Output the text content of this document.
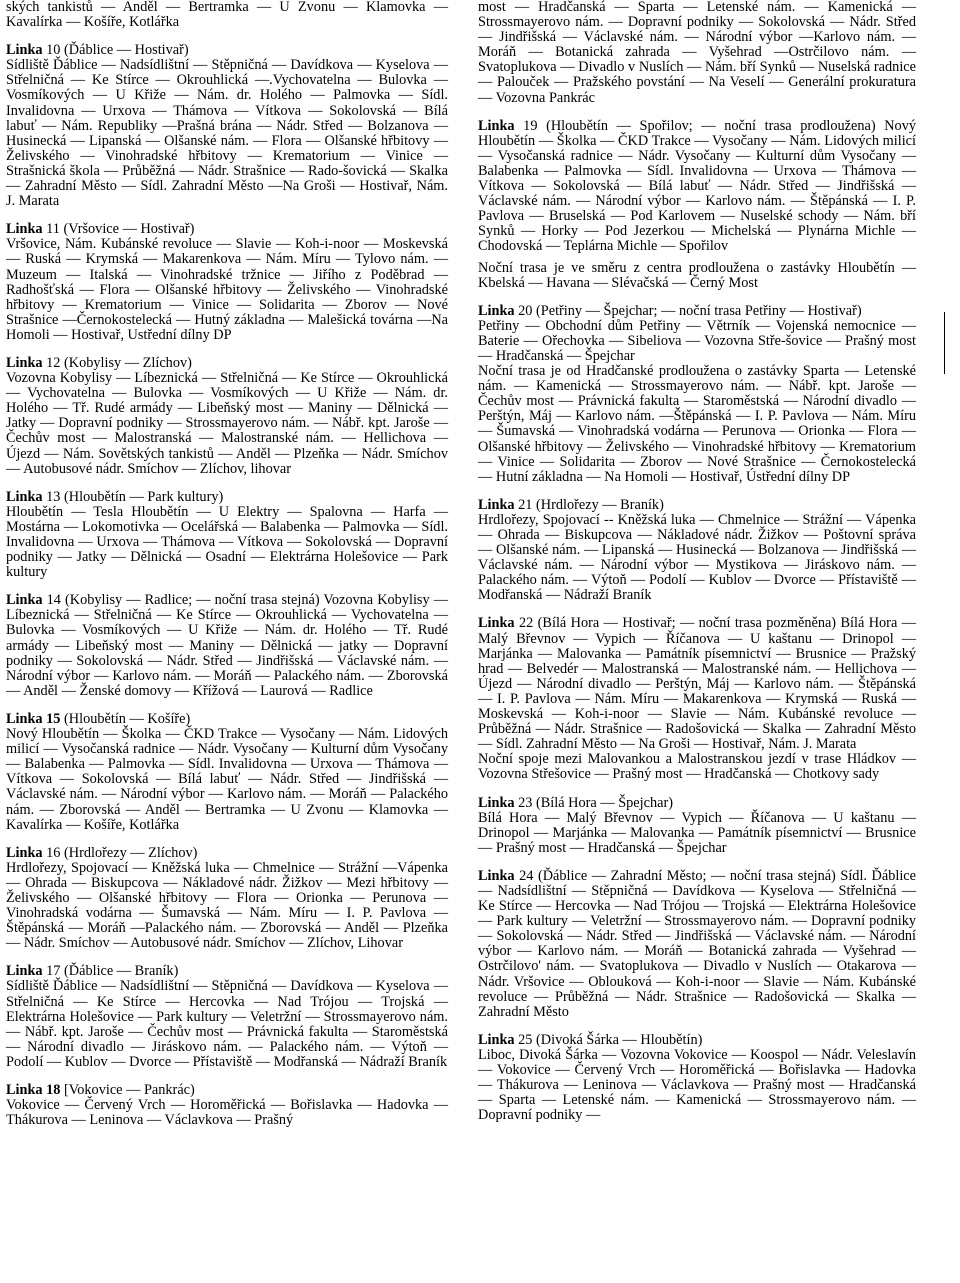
ských tankistů — Anděl — Bertramka — U Zvonu — Klamovka — Kavalírka — Košíře, Kotlářka

Linka 10 (Ďáblice — Hostivař)

Sídliště Ďáblice — Nadsídlištní — Stěpničná — Davídkova — Kyselova — Střelničná — Ke Stírce — Okrouhlická —.Vychovatelna — Bulovka — Vosmíkových — U Křiže — Nám. dr. Holého — Palmovka — Sídl. Invalidovna — Urxova — Thámova — Vítkova — Sokolovská — Bílá labuť — Nám. Republiky —Prašná brána — Nádr. Střed — Bolzanova — Husinecká — Lipanská — Olšanské nám. — Flora — Olšanské hřbitovy — Želivského — Vinohradské hřbitovy — Krematorium — Vinice —Strašnická škola — Průběžná — Nádr. Strašnice — Rado-šovická — Skalka — Zahradní Město — Sídl. Zahradní Město —Na Groši — Hostivař, Nám. J. Marata

Linka 11 (Vršovice — Hostivař)

Vršovice, Nám. Kubánské revoluce — Slavie — Koh-i-noor — Moskevská — Ruská — Krymská — Makarenkova — Nám. Míru — Tylovo nám. — Muzeum — Italská — Vinohradské tržnice — Jiřího z Poděbrad — Radhošťská — Flora — Olšanské hřbitovy — Želivského — Vinohradské hřbitovy — Krematorium — Vinice — Solidarita — Zborov — Nové Strašnice —Černokostelecká — Hutný základna — Malešická továrna —Na Homoli — Hostivař, Ustřední dílny DP

Linka 12 (Kobylisy — Zlíchov)

Vozovna Kobylisy — Líbeznická — Střelničná — Ke Stírce — Okrouhlická — Vychovatelna — Bulovka — Vosmíkových — U Křiže — Nám. dr. Holého — Tř. Rudé armády — Libeňský most — Maniny — Dělnická — Jatky — Dopravní podniky — Strossmayerovo nám. — Nábř. kpt. Jaroše — Čechův most — Malostranská — Malostranské nám. — Hellichova — Újezd — Nám. Sovětských tankistů — Anděl — Plzeňka — Nádr. Smíchov — Autobusové nádr. Smíchov — Zlíchov, lihovar

Linka 13 (Hloubětín — Park kultury)

Hloubětín — Tesla Hloubětín — U Elektry — Spalovna — Harfa — Mostárna — Lokomotivka — Ocelářská — Balabenka — Palmovka — Sídl. Invalidovna — Urxova — Thámova — Vítkova — Sokolovská — Dopravní podniky — Jatky — Dělnická — Osadní — Elektrárna Holešovice — Park kultury

Linka 14 (Kobylisy — Radlice; — noční trasa stejná) Vozovna Kobylisy — Líbeznická — Střelničná — Ke Stírce — Okrouhlická — Vychovatelna — Bulovka — Vosmíkových — U Křiže — Nám. dr. Holého — Tř. Rudé armády — Libeňský most — Maniny — Dělnická — jatky — Dopravní podniky — Sokolovská — Nádr. Střed — Jindřišská — Václavské nám. — Národní výbor — Karlovo nám. — Moráň — Palackého nám. — Zborovská — Anděl — Ženské domovy — Křížová — Laurová — Radlice

Linka 15 (Hloubětín — Košíře)

Nový Hloubětín — Školka — ČKD Trakce — Vysočany — Nám. Lidových milicí — Vysočanská radnice — Nádr. Vysočany — Kulturní dům Vysočany — Balabenka — Palmovka — Sídl. Invalidovna — Urxova — Thámova — Vítkova — Sokolovská — Bílá labuť — Nádr. Střed — Jindřišská — Václavské nám. — Národní výbor — Karlovo nám. — Moráň — Palackého nám. — Zborovská — Anděl — Bertramka — U Zvonu — Klamovka — Kavalírka — Košíře, Kotlářka

Linka 16 (Hrdlořezy — Zlíchov)

Hrdlořezy, Spojovací — Kněžská luka — Chmelnice — Strážní —Vápenka — Ohrada — Biskupcova — Nákladové nádr. Žižkov — Mezi hřbitovy — Želivského — Olšanské hřbitovy — Flora — Orionka — Perunova — Vinohradská vodárna — Šumavská — Nám. Míru — I. P. Pavlova — Štěpánská — Moráň —Palackého nám. — Zborovská — Anděl — Plzeňka — Nádr. Smíchov — Autobusové nádr. Smíchov — Zlíchov, Lihovar

Linka 17 (Ďáblice — Braník)

Sídliště Ďáblice — Nadsídlištní — Stěpničná — Davídkova — Kyselova — Střelničná — Ke Stírce — Hercovka — Nad Trójou — Trojská — Elektrárna Holešovice — Park kultury — Veletržní — Strossmayerovo nám. — Nábř. kpt. Jaroše — Čechův most — Právnická fakulta — Staroměstská — Národní divadlo — Jiráskovo nám. — Palackého nám. — Výtoň — Podolí — Kublov — Dvorce — Přístaviště — Modřanská — Nádraží Braník

Linka 18 [Vokovice — Pankrác)

Vokovice — Červený Vrch — Horoměřická — Bořislavka — Hadovka — Thákurova — Leninova — Václavkova — Prašný

most — Hradčanská — Sparta — Letenské nám. — Kamenická —Strossmayerovo nám. — Dopravní podniky — Sokolovská — Nádr. Střed — Jindřišská — Václavské nám. — Národní výbor —Karlovo nám. — Moráň — Botanická zahrada — Vyšehrad —Ostrčilovo nám. — Svatoplukova — Divadlo v Nuslích — Nám. bří Synků — Nuselská radnice — Palouček — Pražského povstání — Na Veselí — Generální prokuratura — Vozovna Pankrác

Linka 19 (Hloubětín — Spořilov; — noční trasa prodloužena) Nový Hloubětín — Školka — ČKD Trakce — Vysočany — Nám. Lidových milicí — Vysočanská radnice — Nádr. Vysočany — Kulturní dům Vysočany — Balabenka — Palmovka — Sídl. Invalidovna — Urxova — Thámova — Vítkova — Sokolovská — Bílá labuť — Nádr. Střed — Jindřišská — Václavské nám. — Národní výbor — Karlovo nám. — Štěpánská — I. P. Pavlova — Bruselská — Pod Karlovem — Nuselské schody — Nám. bří Synků — Horky — Pod Jezerkou — Michelská — Plynárna Michle — Chodovská — Teplárna Michle — Spořilov

Noční trasa je ve směru z centra prodloužena o zastávky Hloubětín — Kbelská — Havana — Slévačská — Černý Most

Linka 20 (Petřiny — Špejchar; — noční trasa Petřiny — Hostivař)

Petřiny — Obchodní dům Petřiny — Větrník — Vojenská nemocnice — Baterie — Ořechovka — Sibeliova — Vozovna Stře-šovice — Prašný most — Hradčanská — Špejchar

Noční trasa je od Hradčanské prodloužena o zastávky Sparta — Letenské nám. — Kamenická — Strossmayerovo nám. — Nábř. kpt. Jaroše — Čechův most — Právnická fakulta — Staroměstská — Národní divadlo — Perštýn, Máj — Karlovo nám. —Štěpánská — I. P. Pavlova — Nám. Míru — Šumavská — Vinohradská vodárna — Perunova — Orionka — Flora — Olšanské hřbitovy — Želivského — Vinohradské hřbitovy — Krematorium — Vinice — Solidarita — Zborov — Nové Strašnice — Černokostelecká — Hutní základna — Na Homoli — Hostivař, Ústřední dílny DP

Linka 21 (Hrdlořezy — Braník)

Hrdlořezy, Spojovací -- Kněžská luka — Chmelnice — Strážní — Vápenka — Ohrada — Biskupcova — Nákladové nádr. Žižkov — Poštovní správa — Olšanské nám. — Lipanská — Husinecká — Bolzanova — Jindřišská — Václavské nám. — Národní výbor — Mystikova — Jiráskovo nám. — Palackého nám. — Výtoň — Podolí — Kublov — Dvorce — Přístaviště — Modřanská — Nádraží Braník

Linka 22 (Bílá Hora — Hostivař; — noční trasa pozměněna) Bílá Hora — Malý Břevnov — Vypich — Říčanova — U kaštanu — Drinopol — Marjánka — Malovanka — Památník písemnictví — Brusnice — Pražský hrad — Belvedér — Malostranská — Malostranské nám. — Hellichova — Újezd — Národní divadlo — Perštýn, Máj — Karlovo nám. — Štěpánská — I. P. Pavlova — Nám. Míru — Makarenkova — Krymská — Ruská — Moskevská — Koh-i-noor — Slavie — Nám. Kubánské revoluce — Průběžná — Nádr. Strašnice — Radošovická — Skalka — Zahradní Město — Sídl. Zahradní Město — Na Groši — Hostivař, Nám. J. Marata

Noční spoje mezi Malovankou a Malostranskou jezdí v trase Hládkov — Vozovna Střešovice — Prašný most — Hradčanská — Chotkovy sady

Linka 23 (Bílá Hora — Špejchar)

Bílá Hora — Malý Břevnov — Vypich — Říčanova — U kaštanu — Drinopol — Marjánka — Malovanka — Památník písemnictví — Brusnice — Prašný most — Hradčanská — Špejchar

Linka 24 (Ďáblice — Zahradní Město; — noční trasa stejná) Sídl. Ďáblice — Nadsídlištní — Stěpničná — Davídkova — Kyselova — Střelničná — Ke Stírce — Hercovka — Nad Trójou — Trojská — Elektrárna Holešovice — Park kultury — Veletržní — Strossmayerovo nám. — Dopravní podniky — Sokolovská — Nádr. Střed — Jindřišská — Václavské nám. — Národní výbor — Karlovo nám. — Moráň — Botanická zahrada — Vyšehrad — Ostrčilovo' nám. — Svatoplukova — Divadlo v Nuslích — Otakarova — Nádr. Vršovice — Oblouková — Koh-i-noor — Slavie — Nám. Kubánské revoluce — Průběžná — Nádr. Strašnice — Radošovická — Skalka — Zahradní Město

Linka 25 (Divoká Šárka — Hloubětín)

Liboc, Divoká Šárka — Vozovna Vokovice — Koospol — Nádr. Veleslavín — Vokovice — Červený Vrch — Horoměřická — Bořislavka — Hadovka— Thákurova — Leninova — Václavkova — Prašný most — Hradčanská — Sparta — Letenské nám. — Kamenická — Strossmayerovo nám. — Dopravní podniky —
